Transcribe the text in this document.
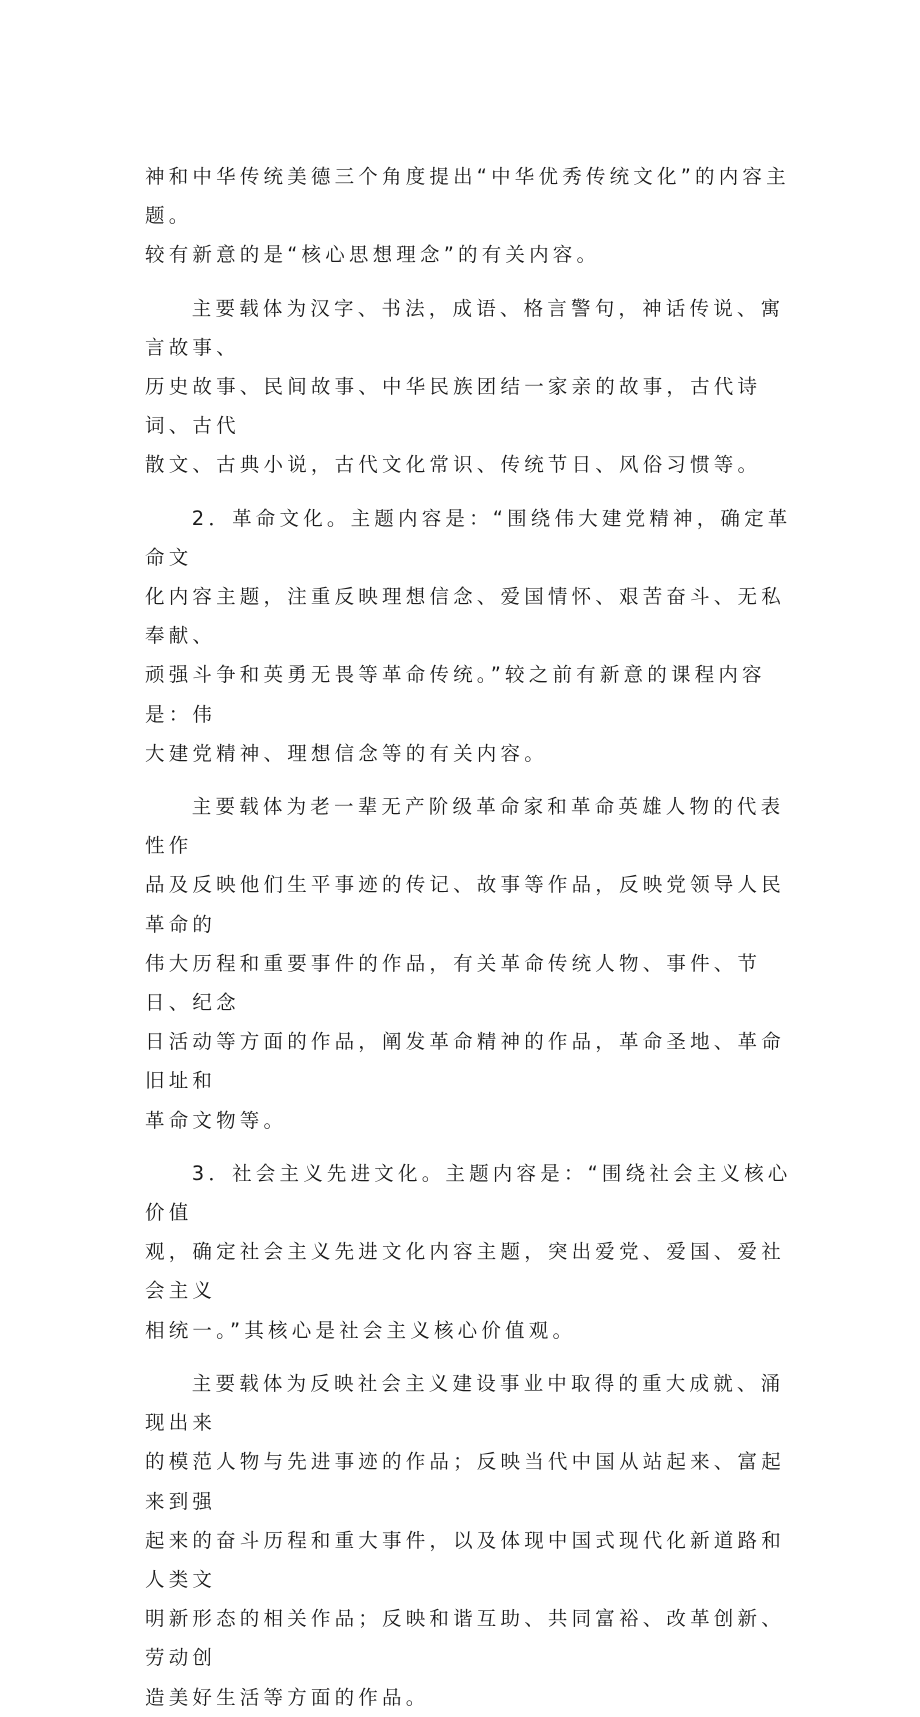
神和中华传统美德三个角度提出“中华优秀传统文化”的内容主题。

较有新意的是“核心思想理念”的有关内容。

主要载体为汉字、书法，成语、格言警句，神话传说、寓言故事、

历史故事、民间故事、中华民族团结一家亲的故事，古代诗词、古代

散文、古典小说，古代文化常识、传统节日、风俗习惯等。

2．革命文化。主题内容是：“围绕伟大建党精神，确定革命文

化内容主题，注重反映理想信念、爱国情怀、艰苦奋斗、无私奉献、

顽强斗争和英勇无畏等革命传统。”较之前有新意的课程内容是：伟

大建党精神、理想信念等的有关内容。

主要载体为老一辈无产阶级革命家和革命英雄人物的代表性作

品及反映他们生平事迹的传记、故事等作品，反映党领导人民革命的

伟大历程和重要事件的作品，有关革命传统人物、事件、节日、纪念

日活动等方面的作品，阐发革命精神的作品，革命圣地、革命旧址和

革命文物等。

3．社会主义先进文化。主题内容是：“围绕社会主义核心价值

观，确定社会主义先进文化内容主题，突出爱党、爱国、爱社会主义

相统一。”其核心是社会主义核心价值观。

主要载体为反映社会主义建设事业中取得的重大成就、涌现出来

的模范人物与先进事迹的作品；反映当代中国从站起来、富起来到强

起来的奋斗历程和重大事件，以及体现中国式现代化新道路和人类文

明新形态的相关作品；反映和谐互助、共同富裕、改革创新、劳动创

造美好生活等方面的作品。
